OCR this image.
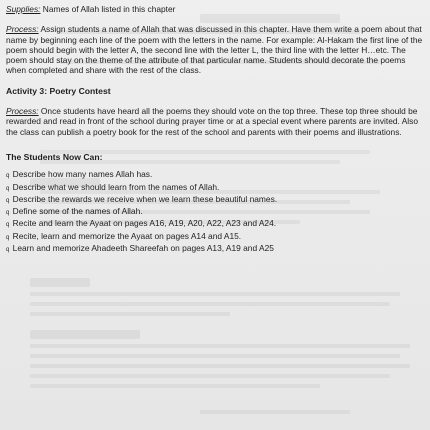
Supplies: Names of Allah listed in this chapter

Process: Assign students a name of Allah that was discussed in this chapter. Have them write a poem about that name by beginning each line of the poem with the letters in the name. For example: Al-Hakam the first line of the poem should begin with the letter A, the second line with the letter L, the third line with the letter H…etc. The poem should stay on the theme of the attribute of that particular name. Students should decorate the poems when completed and share with the rest of the class.

Activity 3: Poetry Contest

Process: Once students have heard all the poems they should vote on the top three. These top three should be rewarded and read in front of the school during prayer time or at a special event where parents are invited. Also the class can publish a poetry book for the rest of the school and parents with their poems and illustrations.

The Students Now Can:

q Describe how many names Allah has.
q Describe what we should learn from the names of Allah.
q Describe the rewards we receive when we learn these beautiful names.
q Define some of the names of Allah.
q Recite and learn the Ayaat on pages A16, A19, A20, A22, A23 and A24.
q Recite, learn and memorize the Ayaat on pages A14 and A15.
q Learn and memorize Ahadeeth Shareefah on pages A13, A19 and A25
